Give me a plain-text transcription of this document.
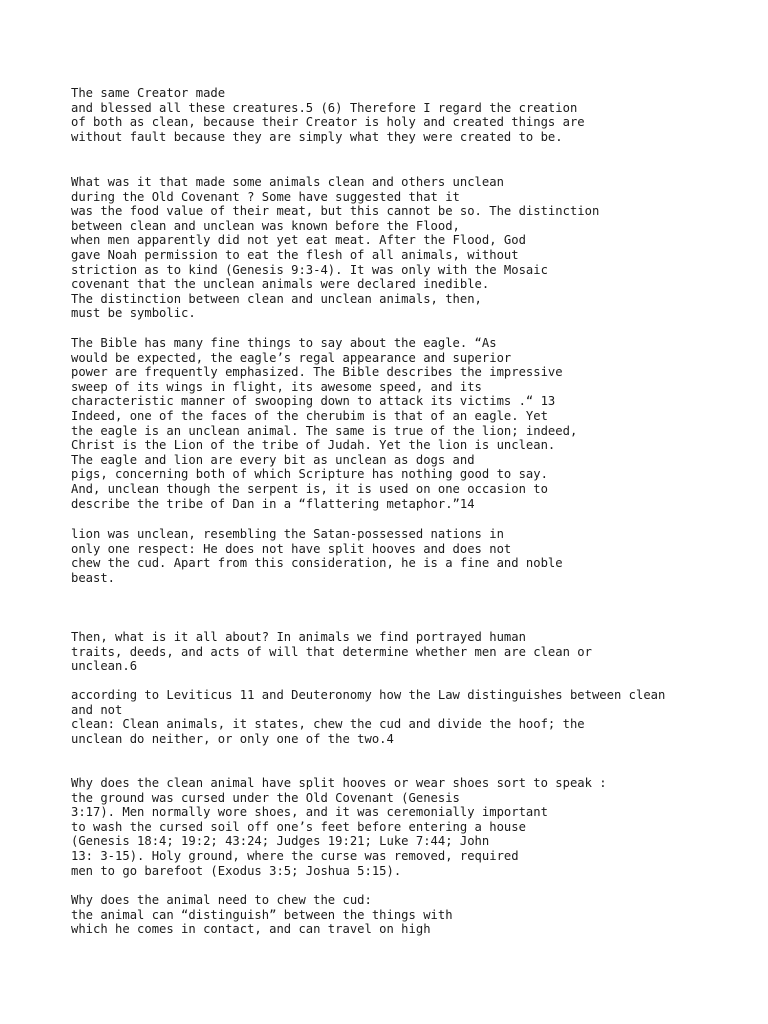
The same Creator made
and blessed all these creatures.5 (6) Therefore I regard the creation
of both as clean, because their Creator is holy and created things are
without fault because they are simply what they were created to be.

What was it that made some animals clean and others unclean
during the Old Covenant ? Some have suggested that it
was the food value of their meat, but this cannot be so. The distinction
between clean and unclean was known before the Flood,
when men apparently did not yet eat meat. After the Flood, God
gave Noah permission to eat the flesh of all animals, without
striction as to kind (Genesis 9:3-4). It was only with the Mosaic
covenant that the unclean animals were declared inedible.
The distinction between clean and unclean animals, then,
must be symbolic.

The Bible has many fine things to say about the eagle. “As
would be expected, the eagle’s regal appearance and superior
power are frequently emphasized. The Bible describes the impressive
sweep of its wings in flight, its awesome speed, and its
characteristic manner of swooping down to attack its victims .“ 13
Indeed, one of the faces of the cherubim is that of an eagle. Yet
the eagle is an unclean animal. The same is true of the lion; indeed,
Christ is the Lion of the tribe of Judah. Yet the lion is unclean.
The eagle and lion are every bit as unclean as dogs and
pigs, concerning both of which Scripture has nothing good to say.
And, unclean though the serpent is, it is used on one occasion to
describe the tribe of Dan in a “flattering metaphor.”14

lion was unclean, resembling the Satan-possessed nations in
only one respect: He does not have split hooves and does not
chew the cud. Apart from this consideration, he is a fine and noble
beast.

Then, what is it all about? In animals we find portrayed human
traits, deeds, and acts of will that determine whether men are clean or
unclean.6

according to Leviticus 11 and Deuteronomy how the Law distinguishes between clean
and not
clean: Clean animals, it states, chew the cud and divide the hoof; the
unclean do neither, or only one of the two.4

Why does the clean animal have split hooves or wear shoes sort to speak :
the ground was cursed under the Old Covenant (Genesis
3:17). Men normally wore shoes, and it was ceremonially important
to wash the cursed soil off one’s feet before entering a house
(Genesis 18:4; 19:2; 43:24; Judges 19:21; Luke 7:44; John
13: 3-15). Holy ground, where the curse was removed, required
men to go barefoot (Exodus 3:5; Joshua 5:15).

Why does the animal need to chew the cud:
the animal can “distinguish” between the things with
which he comes in contact, and can travel on high
